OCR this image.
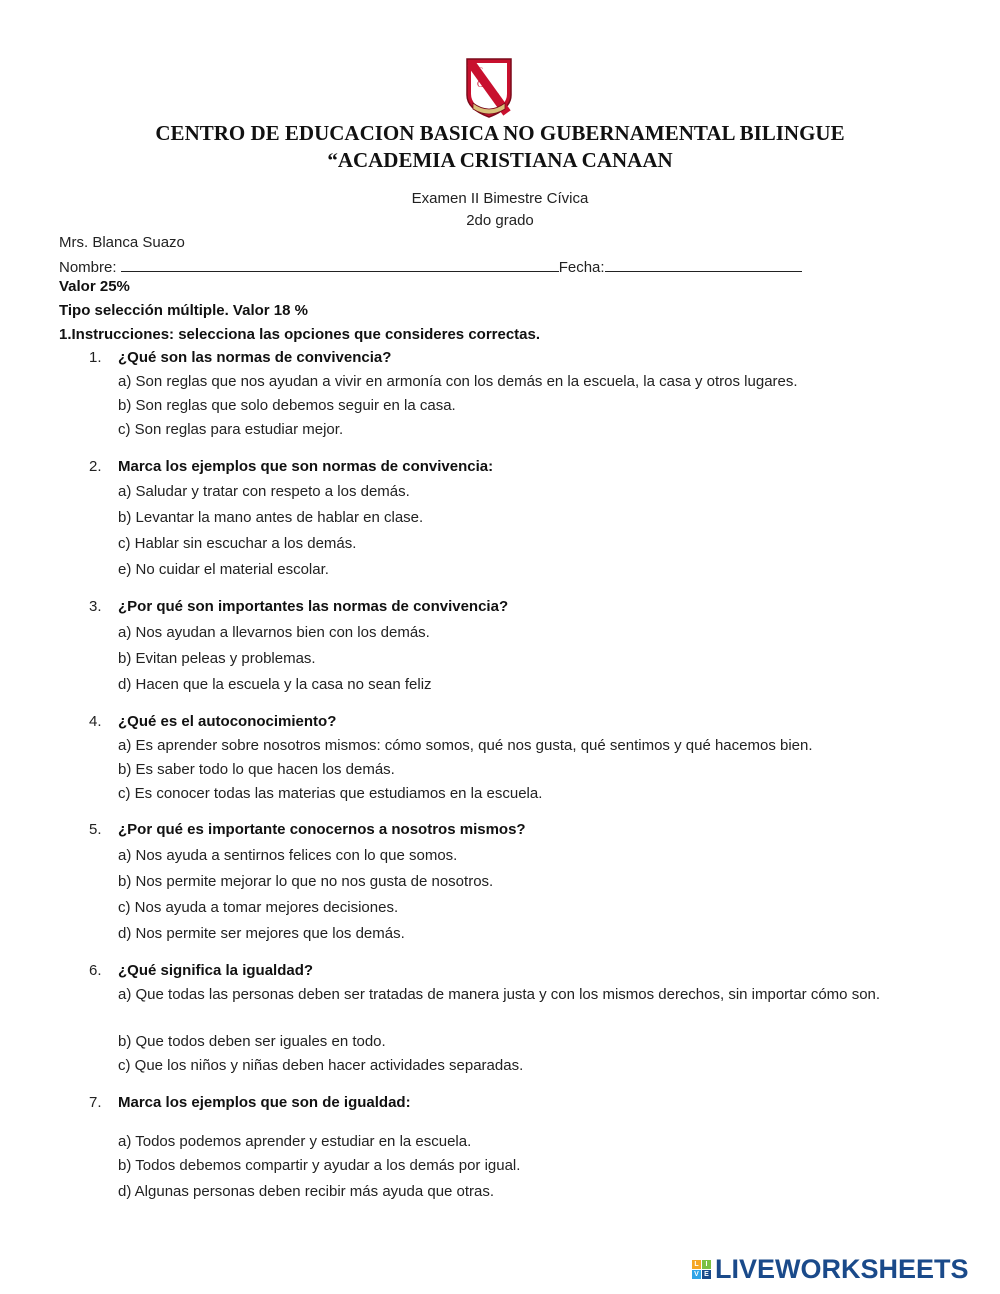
C
C
A
CENTRO DE EDUCACION BASICA NO GUBERNAMENTAL BILINGUE
“ACADEMIA CRISTIANA CANAAN
Examen II Bimestre Cívica
2do grado
Mrs. Blanca Suazo
Nombre:	Fecha:
Valor 25%
Tipo selección múltiple. Valor 18 %
1.Instrucciones: selecciona las opciones que consideres correctas.
1. ¿Qué son las normas de convivencia?
a) Son reglas que nos ayudan a vivir en armonía con los demás en la escuela, la casa y otros lugares.
b) Son reglas que solo debemos seguir en la casa.
c) Son reglas para estudiar mejor.
2. Marca los ejemplos que son normas de convivencia:
a) Saludar y tratar con respeto a los demás.
b) Levantar la mano antes de hablar en clase.
c) Hablar sin escuchar a los demás.
e) No cuidar el material escolar.
3. ¿Por qué son importantes las normas de convivencia?
a) Nos ayudan a llevarnos bien con los demás.
b) Evitan peleas y problemas.
d) Hacen que la escuela y la casa no sean feliz
4. ¿Qué es el autoconocimiento?
a) Es aprender sobre nosotros mismos: cómo somos, qué nos gusta, qué sentimos y qué hacemos bien.
b) Es saber todo lo que hacen los demás.
c) Es conocer todas las materias que estudiamos en la escuela.
5. ¿Por qué es importante conocernos a nosotros mismos?
a) Nos ayuda a sentirnos felices con lo que somos.
b) Nos permite mejorar lo que no nos gusta de nosotros.
c) Nos ayuda a tomar mejores decisiones.
d) Nos permite ser mejores que los demás.
6. ¿Qué significa la igualdad?
a) Que todas las personas deben ser tratadas de manera justa y con los mismos derechos, sin importar cómo son.
b) Que todos deben ser iguales en todo.
c) Que los niños y niñas deben hacer actividades separadas.
7. Marca los ejemplos que son de igualdad:
a) Todos podemos aprender y estudiar en la escuela.
b) Todos debemos compartir y ayudar a los demás por igual.
d) Algunas personas deben recibir más ayuda que otras.
L I
V E LIVEWORKSHEETS
